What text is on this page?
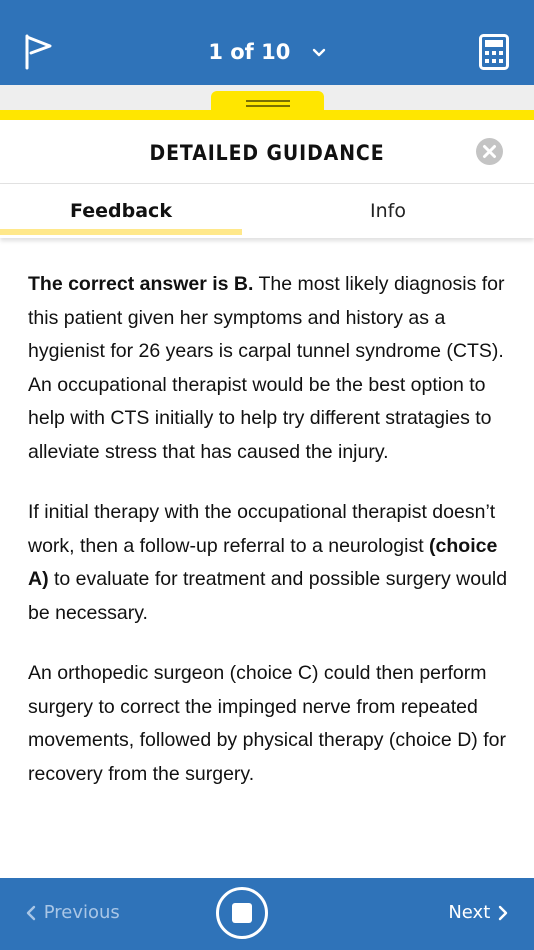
1 of 10
DETAILED GUIDANCE
Feedback	Info

The correct answer is B. The most likely diagnosis for this patient given her symptoms and history as a hygienist for 26 years is carpal tunnel syndrome (CTS). An occupational therapist would be the best option to help with CTS initially to help try different stratagies to alleviate stress that has caused the injury.

If initial therapy with the occupational therapist doesn’t work, then a follow-up referral to a neurologist (choice A) to evaluate for treatment and possible surgery would be necessary.

An orthopedic surgeon (choice C) could then perform surgery to correct the impinged nerve from repeated movements, followed by physical therapy (choice D) for recovery from the surgery.

Previous	Next
